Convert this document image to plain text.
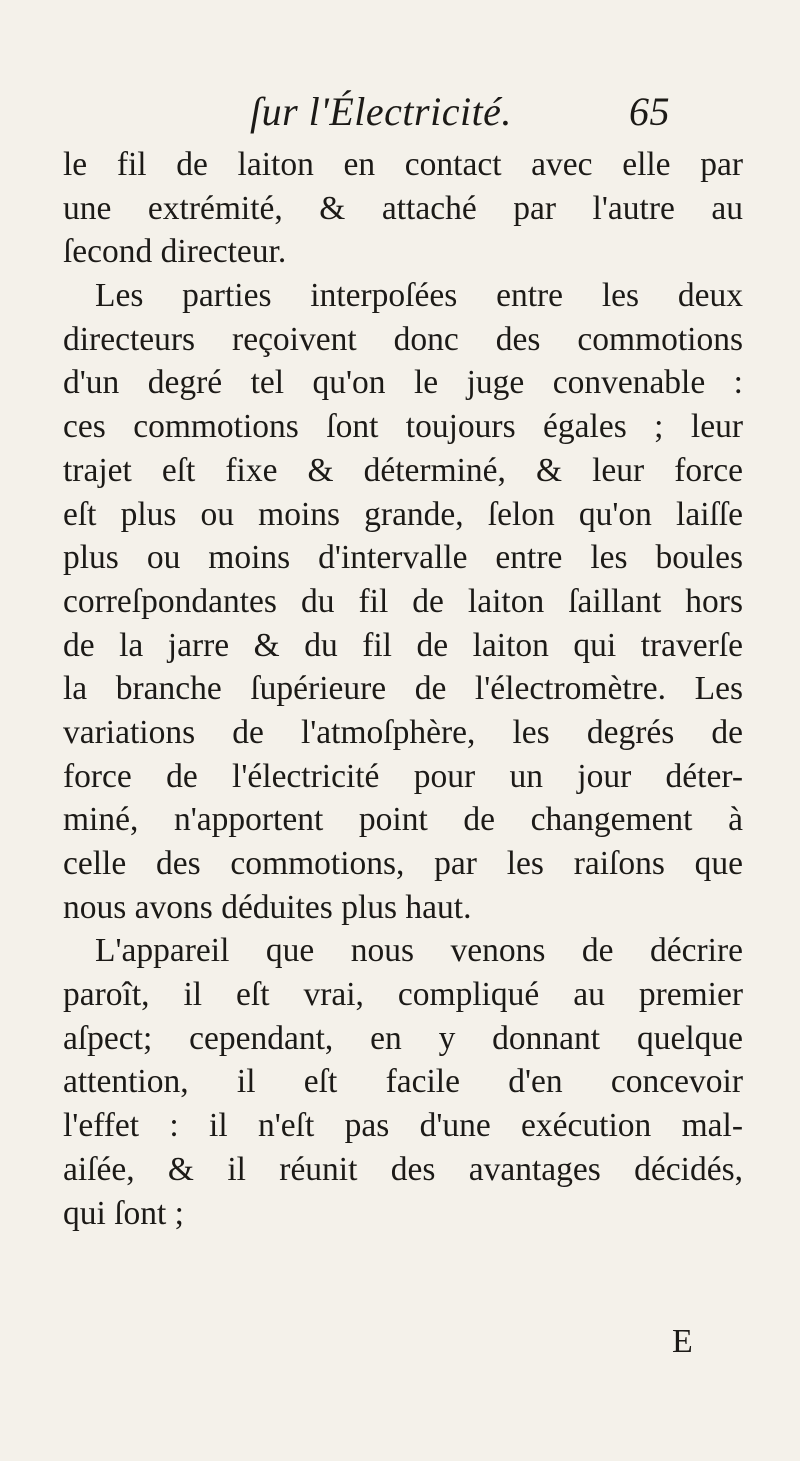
ſur l'Électricité.	65
le fil de laiton en contact avec elle par
une extrémité, & attaché par l'autre au
ſecond directeur.
Les parties interpoſées entre les deux
directeurs reçoivent donc des commotions
d'un degré tel qu'on le juge convenable :
ces commotions ſont toujours égales ; leur
trajet eſt fixe & déterminé, & leur force
eſt plus ou moins grande, ſelon qu'on laiſſe
plus ou moins d'intervalle entre les boules
correſpondantes du fil de laiton ſaillant hors
de la jarre & du fil de laiton qui traverſe
la branche ſupérieure de l'électromètre. Les
variations de l'atmoſphère, les degrés de
force de l'électricité pour un jour déter-
miné, n'apportent point de changement à
celle des commotions, par les raiſons que
nous avons déduites plus haut.
L'appareil que nous venons de décrire
paroît, il eſt vrai, compliqué au premier
aſpect; cependant, en y donnant quelque
attention, il eſt facile d'en concevoir
l'effet : il n'eſt pas d'une exécution mal-
aiſée, & il réunit des avantages décidés,
qui ſont ;
E
